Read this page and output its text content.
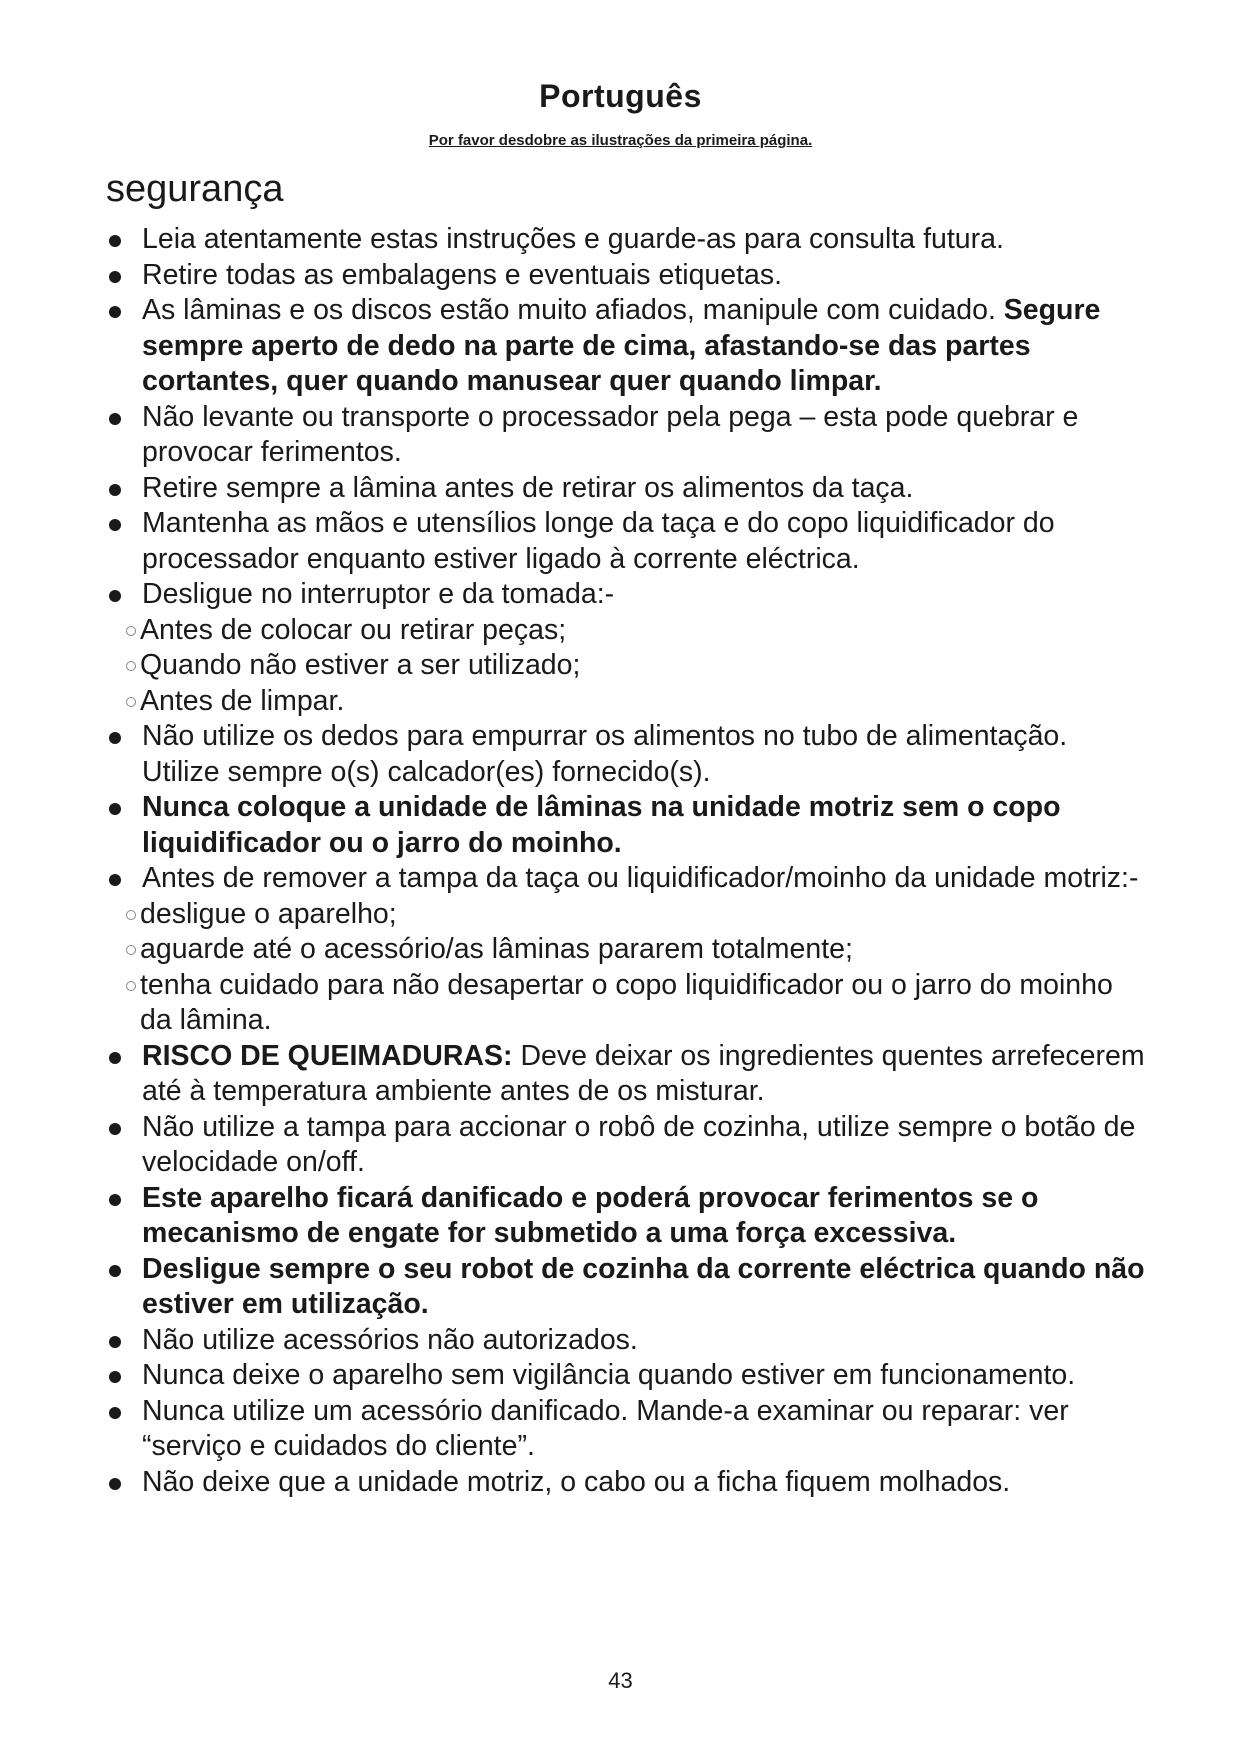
Português
Por favor desdobre as ilustrações da primeira página.
segurança
Leia atentamente estas instruções e guarde-as para consulta futura.
Retire todas as embalagens e eventuais etiquetas.
As lâminas e os discos estão muito afiados, manipule com cuidado. Segure sempre aperto de dedo na parte de cima, afastando-se das partes cortantes, quer quando manusear quer quando limpar.
Não levante ou transporte o processador pela pega – esta pode quebrar e provocar ferimentos.
Retire sempre a lâmina antes de retirar os alimentos da taça.
Mantenha as mãos e utensílios longe da taça e do copo liquidificador do processador enquanto estiver ligado à corrente eléctrica.
Desligue no interruptor e da tomada:-
Antes de colocar ou retirar peças;
Quando não estiver a ser utilizado;
Antes de limpar.
Não utilize os dedos para empurrar os alimentos no tubo de alimentação. Utilize sempre o(s) calcador(es) fornecido(s).
Nunca coloque a unidade de lâminas na unidade motriz sem o copo liquidificador ou o jarro do moinho.
Antes de remover a tampa da taça ou liquidificador/moinho da unidade motriz:-
desligue o aparelho;
aguarde até o acessório/as lâminas pararem totalmente;
tenha cuidado para não desapertar o copo liquidificador ou o jarro do moinho da lâmina.
RISCO DE QUEIMADURAS: Deve deixar os ingredientes quentes arrefecerem até à temperatura ambiente antes de os misturar.
Não utilize a tampa para accionar o robô de cozinha, utilize sempre o botão de velocidade on/off.
Este aparelho ficará danificado e poderá provocar ferimentos se o mecanismo de engate for submetido a uma força excessiva.
Desligue sempre o seu robot de cozinha da corrente eléctrica quando não estiver em utilização.
Não utilize acessórios não autorizados.
Nunca deixe o aparelho sem vigilância quando estiver em funcionamento.
Nunca utilize um acessório danificado. Mande-a examinar ou reparar: ver “serviço e cuidados do cliente”.
Não deixe que a unidade motriz, o cabo ou a ficha fiquem molhados.
43
